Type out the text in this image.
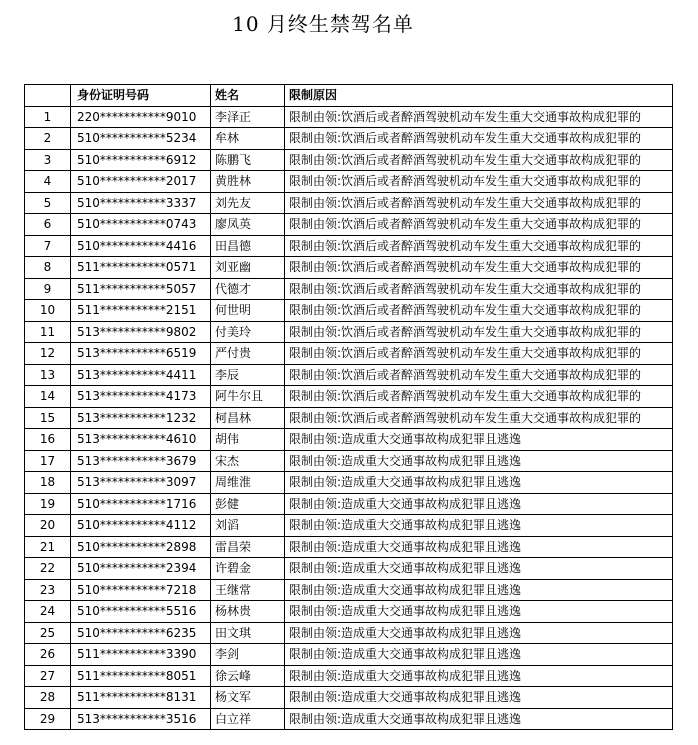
10 月终生禁驾名单
	身份证明号码	姓名	限制原因
1	220***********9010	李泽正	限制由领:饮酒后或者醉酒驾驶机动车发生重大交通事故构成犯罪的
2	510***********5234	牟林	限制由领:饮酒后或者醉酒驾驶机动车发生重大交通事故构成犯罪的
3	510***********6912	陈鹏飞	限制由领:饮酒后或者醉酒驾驶机动车发生重大交通事故构成犯罪的
4	510***********2017	黄胜林	限制由领:饮酒后或者醉酒驾驶机动车发生重大交通事故构成犯罪的
5	510***********3337	刘先友	限制由领:饮酒后或者醉酒驾驶机动车发生重大交通事故构成犯罪的
6	510***********0743	廖凤英	限制由领:饮酒后或者醉酒驾驶机动车发生重大交通事故构成犯罪的
7	510***********4416	田昌德	限制由领:饮酒后或者醉酒驾驶机动车发生重大交通事故构成犯罪的
8	511***********0571	刘亚幽	限制由领:饮酒后或者醉酒驾驶机动车发生重大交通事故构成犯罪的
9	511***********5057	代德才	限制由领:饮酒后或者醉酒驾驶机动车发生重大交通事故构成犯罪的
10	511***********2151	何世明	限制由领:饮酒后或者醉酒驾驶机动车发生重大交通事故构成犯罪的
11	513***********9802	付美玲	限制由领:饮酒后或者醉酒驾驶机动车发生重大交通事故构成犯罪的
12	513***********6519	严付贵	限制由领:饮酒后或者醉酒驾驶机动车发生重大交通事故构成犯罪的
13	513***********4411	李辰	限制由领:饮酒后或者醉酒驾驶机动车发生重大交通事故构成犯罪的
14	513***********4173	阿牛尔且	限制由领:饮酒后或者醉酒驾驶机动车发生重大交通事故构成犯罪的
15	513***********1232	柯昌林	限制由领:饮酒后或者醉酒驾驶机动车发生重大交通事故构成犯罪的
16	513***********4610	胡伟	限制由领:造成重大交通事故构成犯罪且逃逸
17	513***********3679	宋杰	限制由领:造成重大交通事故构成犯罪且逃逸
18	513***********3097	周维淮	限制由领:造成重大交通事故构成犯罪且逃逸
19	510***********1716	彭健	限制由领:造成重大交通事故构成犯罪且逃逸
20	510***********4112	刘滔	限制由领:造成重大交通事故构成犯罪且逃逸
21	510***********2898	雷昌荣	限制由领:造成重大交通事故构成犯罪且逃逸
22	510***********2394	许碧金	限制由领:造成重大交通事故构成犯罪且逃逸
23	510***********7218	王继常	限制由领:造成重大交通事故构成犯罪且逃逸
24	510***********5516	杨林贵	限制由领:造成重大交通事故构成犯罪且逃逸
25	510***********6235	田文琪	限制由领:造成重大交通事故构成犯罪且逃逸
26	511***********3390	李剑	限制由领:造成重大交通事故构成犯罪且逃逸
27	511***********8051	徐云峰	限制由领:造成重大交通事故构成犯罪且逃逸
28	511***********8131	杨文军	限制由领:造成重大交通事故构成犯罪且逃逸
29	513***********3516	白立祥	限制由领:造成重大交通事故构成犯罪且逃逸
